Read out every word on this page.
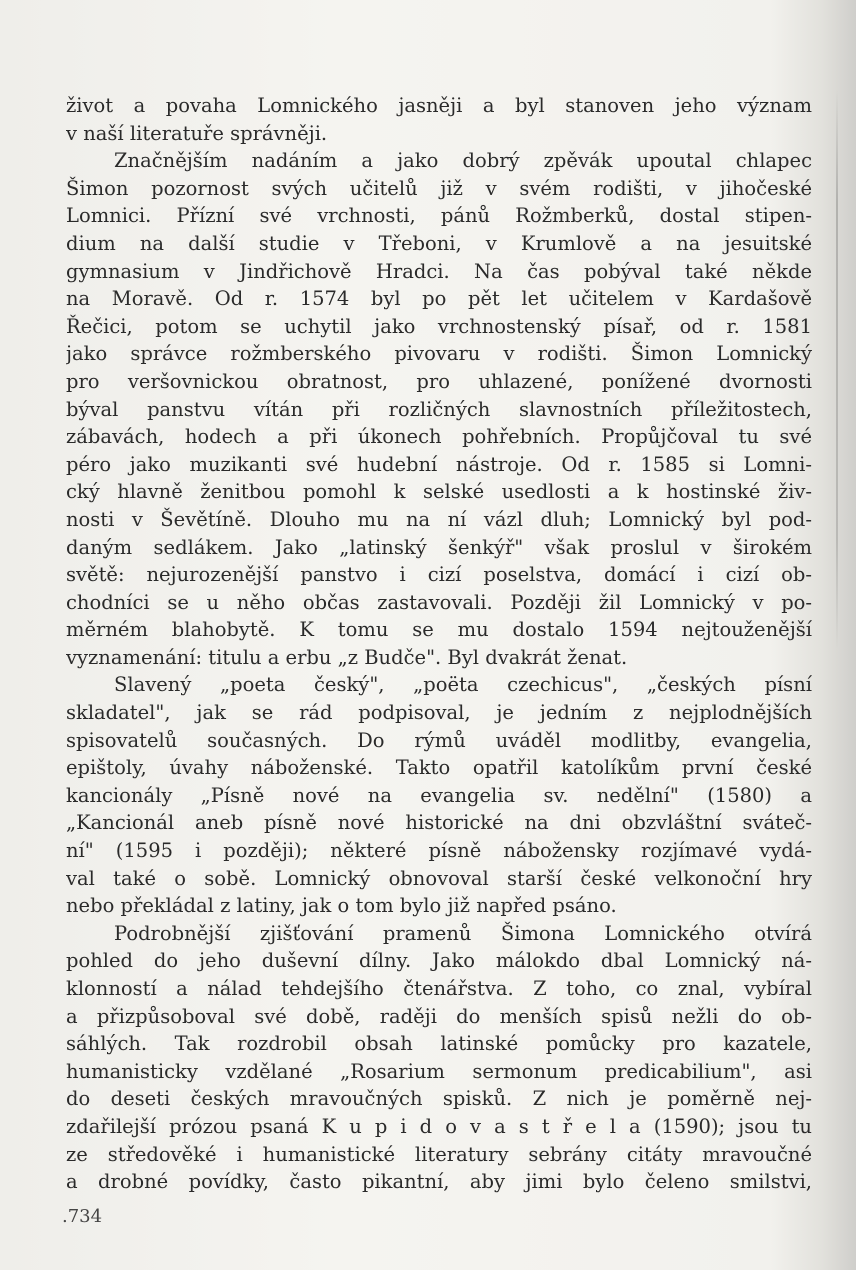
život a povaha Lomnického jasněji a byl stanoven jeho význam
v naší literatuře správněji.
Značnějším nadáním a jako dobrý zpěvák upoutal chlapec
Šimon pozornost svých učitelů již v svém rodišti, v jihočeské
Lomnici. Přízní své vrchnosti, pánů Rožmberků, dostal stipen-
dium na další studie v Třeboni, v Krumlově a na jesuitské
gymnasium v Jindřichově Hradci. Na čas pobýval také někde
na Moravě. Od r. 1574 byl po pět let učitelem v Kardašově
Řečici, potom se uchytil jako vrchnostenský písař, od r. 1581
jako správce rožmberského pivovaru v rodišti. Šimon Lomnický
pro veršovnickou obratnost, pro uhlazené, ponížené dvornosti
býval panstvu vítán při rozličných slavnostních příležitostech,
zábavách, hodech a při úkonech pohřebních. Propůjčoval tu své
péro jako muzikanti své hudební nástroje. Od r. 1585 si Lomni-
cký hlavně ženitbou pomohl k selské usedlosti a k hostinské živ-
nosti v Ševětíně. Dlouho mu na ní vázl dluh; Lomnický byl pod-
daným sedlákem. Jako „latinský šenkýř" však proslul v širokém
světě: nejurozenější panstvo i cizí poselstva, domácí i cizí ob-
chodníci se u něho občas zastavovali. Později žil Lomnický v po-
měrném blahobytě. K tomu se mu dostalo 1594 nejtouženější
vyznamenání: titulu a erbu „z Budče". Byl dvakrát ženat.
Slavený „poeta český", „poëta czechicus", „českých písní
skladatel", jak se rád podpisoval, je jedním z nejplodnějších
spisovatelů současných. Do rýmů uváděl modlitby, evangelia,
epištoly, úvahy náboženské. Takto opatřil katolíkům první české
kancionály „Písně nové na evangelia sv. nedělní" (1580) a
„Kancionál aneb písně nové historické na dni obzvláštní sváteč-
ní" (1595 i později); některé písně nábožensky rozjímavé vydá-
val také o sobě. Lomnický obnovoval starší české velkonoční hry
nebo překládal z latiny, jak o tom bylo již napřed psáno.
Podrobnější zjišťování pramenů Šimona Lomnického otvírá
pohled do jeho duševní dílny. Jako málokdo dbal Lomnický ná-
klonností a nálad tehdejšího čtenářstva. Z toho, co znal, vybíral
a přizpůsoboval své době, raději do menších spisů nežli do ob-
sáhlých. Tak rozdrobil obsah latinské pomůcky pro kazatele,
humanisticky vzdělané „Rosarium sermonum predicabilium", asi
do deseti českých mravoučných spisků. Z nich je poměrně nej-
zdařilejší prózou psaná K u p i d o v a s t ř e l a (1590); jsou tu
ze středověké i humanistické literatury sebrány citáty mravoučné
a drobné povídky, často pikantní, aby jimi bylo čeleno smilstvi,
.734
